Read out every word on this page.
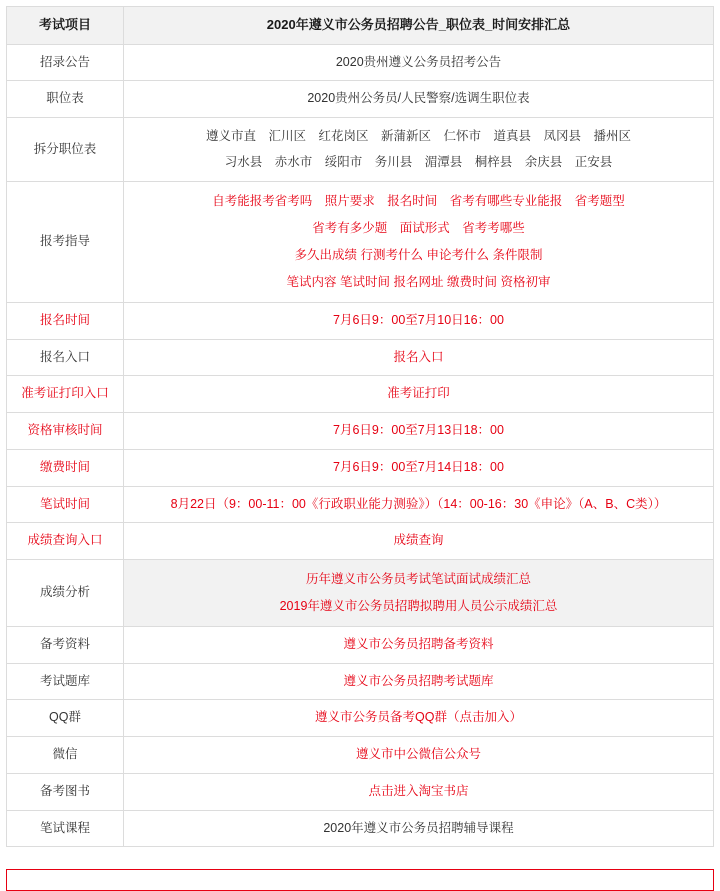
考试项目	2020年遵义市公务员招聘公告_职位表_时间安排汇总
招录公告	2020贵州遵义公务员招考公告

职位表	2020贵州公务员/人民警察/选调生职位表

拆分职位表	遵义市直　汇川区　红花岗区　新蒲新区　仁怀市　道真县　凤冈县　播州区
习水县　赤水市　绥阳市　务川县　湄潭县　桐梓县　余庆县　正安县

报考指导	自考能报考省考吗　照片要求　报名时间　省考有哪些专业能报　省考题型
省考有多少题　面试形式　省考考哪些
多久出成绩 行测考什么 申论考什么 条件限制
笔试内容 笔试时间 报名网址 缴费时间 资格初审

报名时间	7月6日9：00至7月10日16：00

报名入口	报名入口

准考证打印入口	准考证打印

资格审核时间	7月6日9：00至7月13日18：00

缴费时间	7月6日9：00至7月14日18：00

笔试时间	8月22日（9：00-11：00《行政职业能力测验》）（14：00-16：30《申论》（A、B、C类））

成绩查询入口	成绩查询

成绩分析	历年遵义市公务员考试笔试面试成绩汇总
2019年遵义市公务员招聘拟聘用人员公示成绩汇总

备考资料	遵义市公务员招聘备考资料

考试题库	遵义市公务员招聘考试题库

QQ群	遵义市公务员备考QQ群（点击加入）

微信	遵义市中公微信公众号

备考图书	点击进入淘宝书店

笔试课程	2020年遵义市公务员招聘辅导课程
